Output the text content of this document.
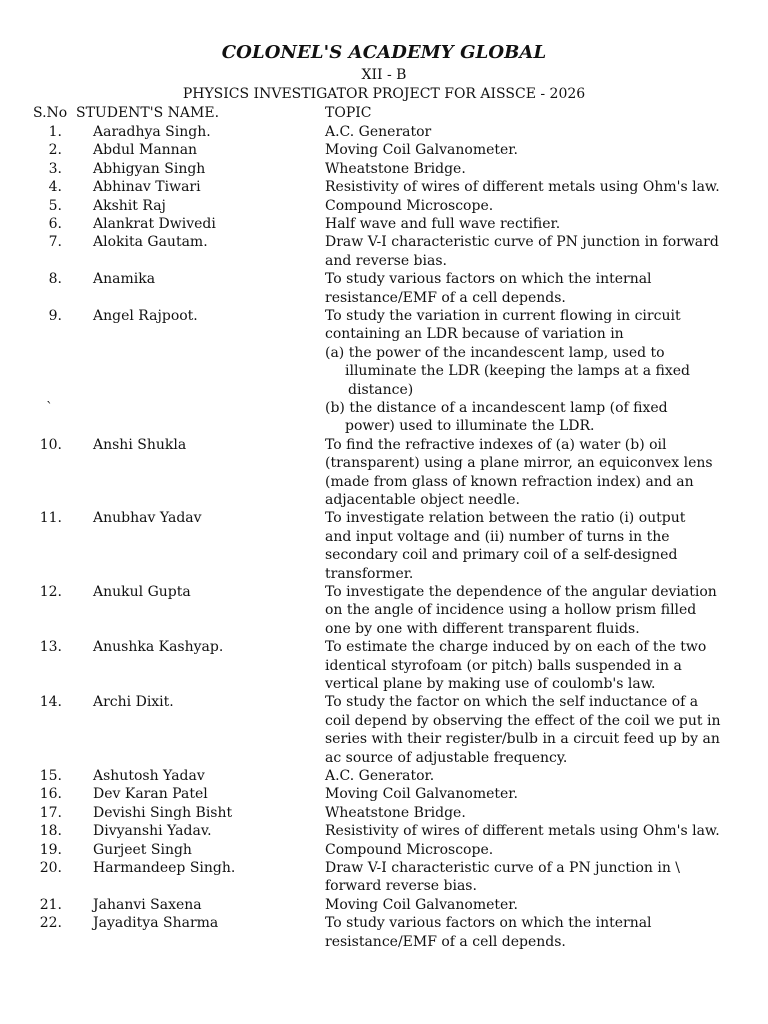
COLONEL'S ACADEMY GLOBAL
XII - B
PHYSICS INVESTIGATOR PROJECT FOR AISSCE - 2026
S.No STUDENT'S NAME.	TOPIC
1. Aaradhya Singh.	A.C. Generator
2. Abdul Mannan	Moving Coil Galvanometer.
3. Abhigyan Singh	Wheatstone Bridge.
4. Abhinav Tiwari	Resistivity of wires of different metals using Ohm's law.
5. Akshit Raj	Compound Microscope.
6. Alankrat Dwivedi	Half wave and full wave rectifier.
7. Alokita Gautam.	Draw V-I characteristic curve of PN junction in forward
and reverse bias.
8. Anamika	To study various factors on which the internal
resistance/EMF of a cell depends.
9. Angel Rajpoot.	To study the variation in current flowing in circuit
containing an LDR because of variation in
(a) the power of the incandescent lamp, used to
illuminate the LDR (keeping the lamps at a fixed
distance)
(b) the distance of a incandescent lamp (of fixed
power) used to illuminate the LDR.
`
10. Anshi Shukla	To find the refractive indexes of (a) water (b) oil
(transparent) using a plane mirror, an equiconvex lens
(made from glass of known refraction index) and an
adjacentable object needle.
11. Anubhav Yadav	To investigate relation between the ratio (i) output
and input voltage and (ii) number of turns in the
secondary coil and primary coil of a self-designed
transformer.
12. Anukul Gupta	To investigate the dependence of the angular deviation
on the angle of incidence using a hollow prism filled
one by one with different transparent fluids.
13. Anushka Kashyap.	To estimate the charge induced by on each of the two
identical styrofoam (or pitch) balls suspended in a
vertical plane by making use of coulomb's law.
14. Archi Dixit.	To study the factor on which the self inductance of a
coil depend by observing the effect of the coil we put in
series with their register/bulb in a circuit feed up by an
ac source of adjustable frequency.
15. Ashutosh Yadav	A.C. Generator.
16. Dev Karan Patel	Moving Coil Galvanometer.
17. Devishi Singh Bisht	Wheatstone Bridge.
18. Divyanshi Yadav.	Resistivity of wires of different metals using Ohm's law.
19. Gurjeet Singh	Compound Microscope.
20. Harmandeep Singh.	Draw V-I characteristic curve of a PN junction in \
forward reverse bias.
21. Jahanvi Saxena	Moving Coil Galvanometer.
22. Jayaditya Sharma	To study various factors on which the internal
resistance/EMF of a cell depends.
